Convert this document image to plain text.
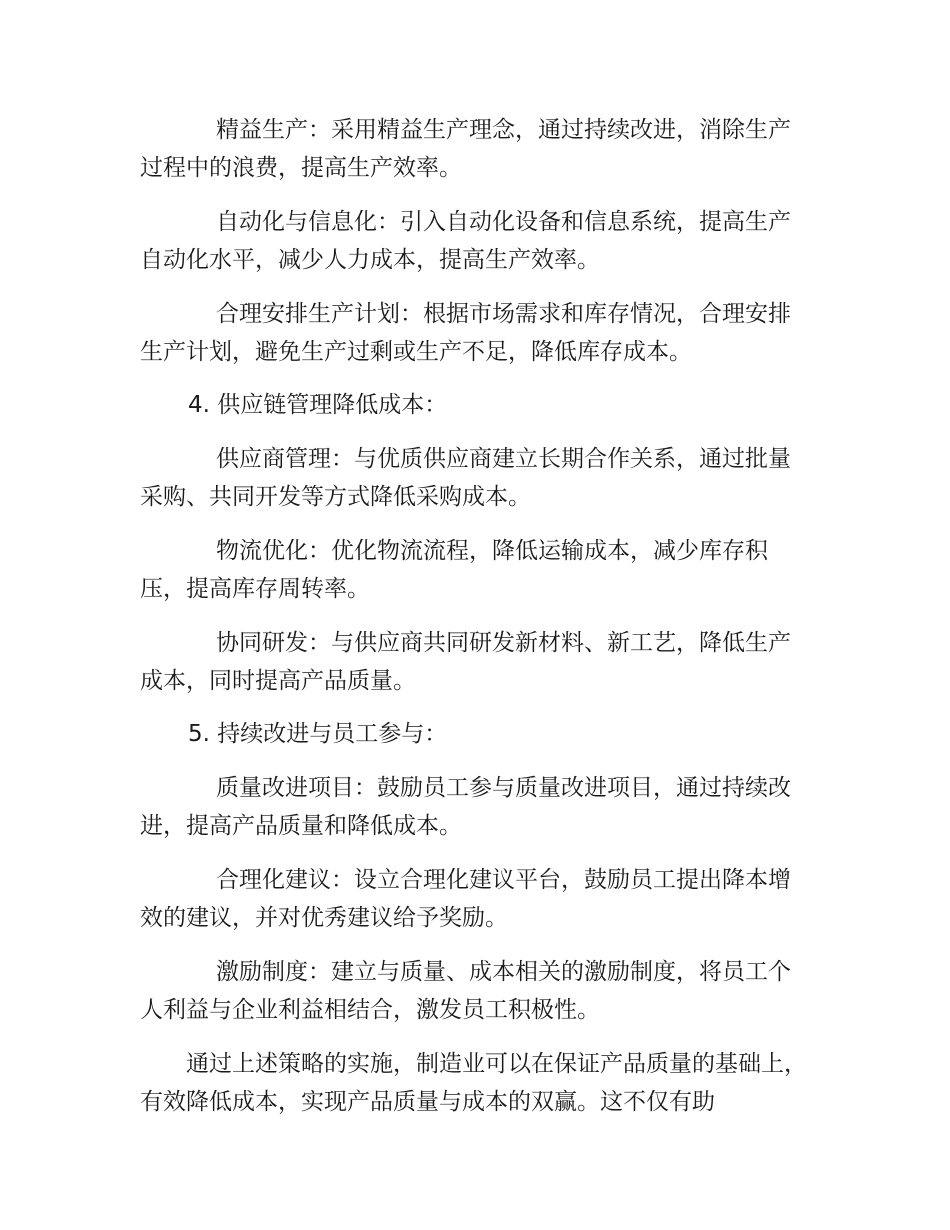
精益生产：采用精益生产理念，通过持续改进，消除生产过程中的浪费，提高生产效率。

自动化与信息化：引入自动化设备和信息系统，提高生产自动化水平，减少人力成本，提高生产效率。

合理安排生产计划：根据市场需求和库存情况，合理安排生产计划，避免生产过剩或生产不足，降低库存成本。

4. 供应链管理降低成本：

供应商管理：与优质供应商建立长期合作关系，通过批量采购、共同开发等方式降低采购成本。

物流优化：优化物流流程，降低运输成本，减少库存积压，提高库存周转率。

协同研发：与供应商共同研发新材料、新工艺，降低生产成本，同时提高产品质量。

5. 持续改进与员工参与：

质量改进项目：鼓励员工参与质量改进项目，通过持续改进，提高产品质量和降低成本。

合理化建议：设立合理化建议平台，鼓励员工提出降本增效的建议，并对优秀建议给予奖励。

激励制度：建立与质量、成本相关的激励制度，将员工个人利益与企业利益相结合，激发员工积极性。

通过上述策略的实施，制造业可以在保证产品质量的基础上，有效降低成本，实现产品质量与成本的双赢。这不仅有助
